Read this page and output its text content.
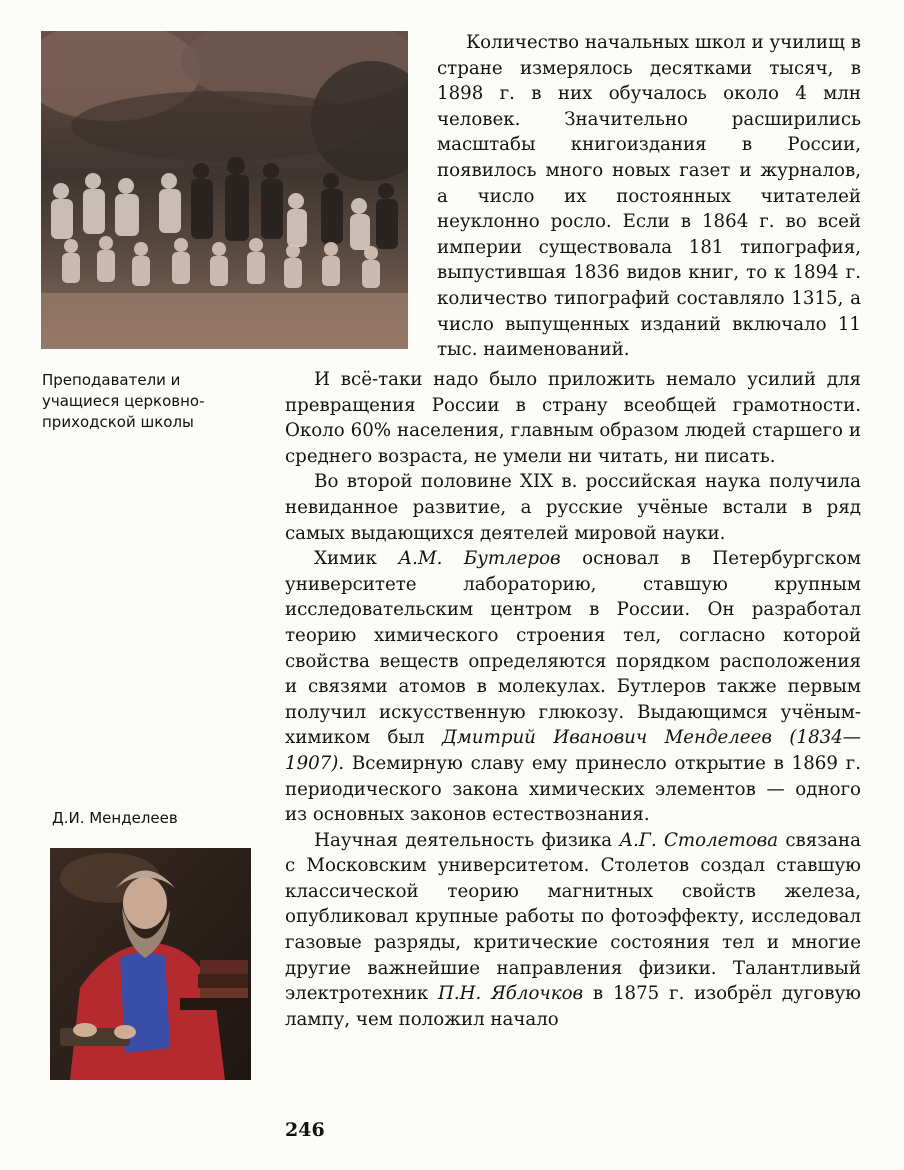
Преподаватели и учащиеся церковно-приходской школы

Количество начальных школ и училищ в стране измерялось десятками тысяч, в 1898 г. в них обучалось около 4 млн человек. Значительно расширились масштабы книгоиздания в России, появилось много новых газет и журналов, а число их постоянных читателей неуклонно росло. Если в 1864 г. во всей империи существовала 181 типография, выпустившая 1836 видов книг, то к 1894 г. количество типографий составляло 1315, а число выпущенных изданий включало 11 тыс. наименований.

И всё-таки надо было приложить немало усилий для превращения России в страну всеобщей грамотности. Около 60% населения, главным образом людей старшего и среднего возраста, не умели ни читать, ни писать.

Во второй половине XIX в. российская наука получила невиданное развитие, а русские учёные встали в ряд самых выдающихся деятелей мировой науки.

Химик А.М. Бутлеров основал в Петербургском университете лабораторию, ставшую крупным исследовательским центром в России. Он разработал теорию химического строения тел, согласно которой свойства веществ определяются порядком расположения и связями атомов в молекулах. Бутлеров также первым получил искусственную глюкозу. Выдающимся учёным-химиком был Дмитрий Иванович Менделеев (1834—1907). Всемирную славу ему принесло открытие в 1869 г. периодического закона химических элементов — одного из основных законов естествознания.

Научная деятельность физика А.Г. Столетова связана с Московским университетом. Столетов создал ставшую классической теорию магнитных свойств железа, опубликовал крупные работы по фотоэффекту, исследовал газовые разряды, критические состояния тел и многие другие важнейшие направления физики. Талантливый электротехник П.Н. Яблочков в 1875 г. изобрёл дуговую лампу, чем положил начало

Д.И. Менделеев
246
